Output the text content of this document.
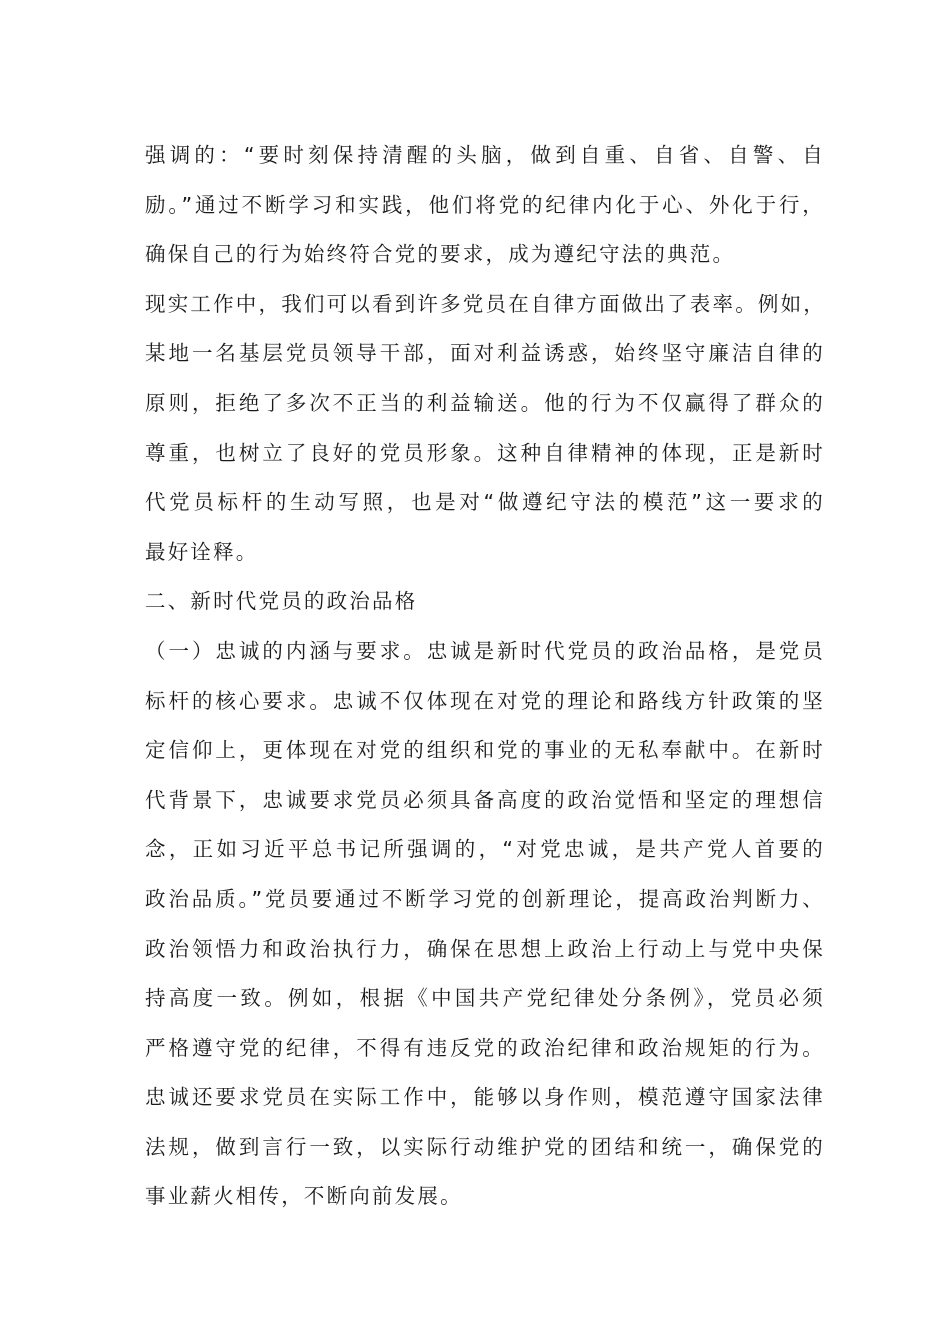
强调的：“要时刻保持清醒的头脑，做到自重、自省、自警、自
励。”通过不断学习和实践，他们将党的纪律内化于心、外化于行，
确保自己的行为始终符合党的要求，成为遵纪守法的典范。
现实工作中，我们可以看到许多党员在自律方面做出了表率。例如，
某地一名基层党员领导干部，面对利益诱惑，始终坚守廉洁自律的
原则，拒绝了多次不正当的利益输送。他的行为不仅赢得了群众的
尊重，也树立了良好的党员形象。这种自律精神的体现，正是新时
代党员标杆的生动写照，也是对“做遵纪守法的模范”这一要求的
最好诠释。
二、新时代党员的政治品格
（一）忠诚的内涵与要求。忠诚是新时代党员的政治品格，是党员
标杆的核心要求。忠诚不仅体现在对党的理论和路线方针政策的坚
定信仰上，更体现在对党的组织和党的事业的无私奉献中。在新时
代背景下，忠诚要求党员必须具备高度的政治觉悟和坚定的理想信
念，正如习近平总书记所强调的，“对党忠诚，是共产党人首要的
政治品质。”党员要通过不断学习党的创新理论，提高政治判断力、
政治领悟力和政治执行力，确保在思想上政治上行动上与党中央保
持高度一致。例如，根据《中国共产党纪律处分条例》，党员必须
严格遵守党的纪律，不得有违反党的政治纪律和政治规矩的行为。
忠诚还要求党员在实际工作中，能够以身作则，模范遵守国家法律
法规，做到言行一致，以实际行动维护党的团结和统一，确保党的
事业薪火相传，不断向前发展。
